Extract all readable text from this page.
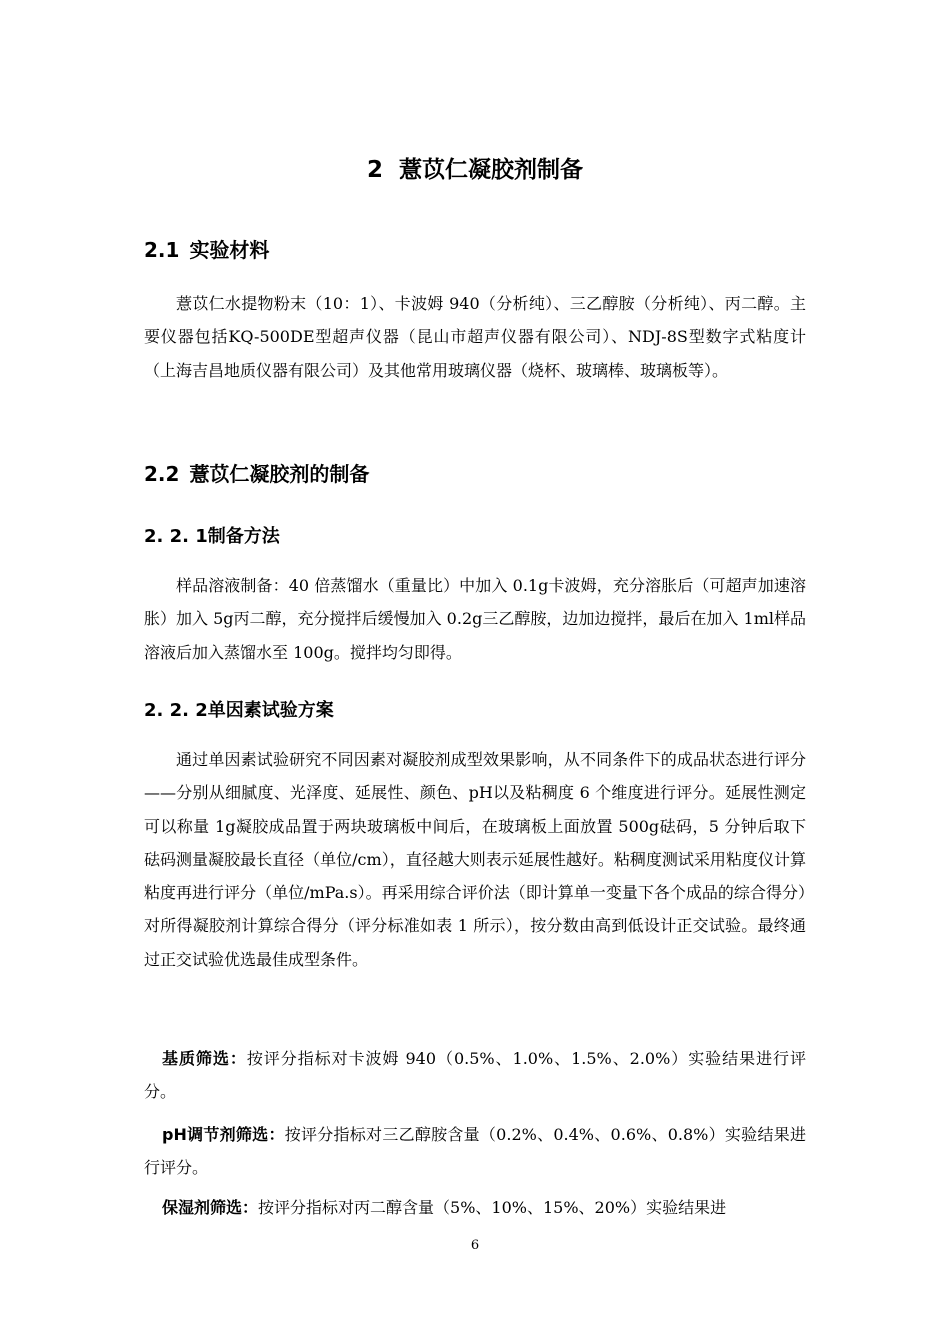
2 薏苡仁凝胶剂制备
2.1 实验材料

薏苡仁水提物粉末（10：1）、卡波姆 940（分析纯）、三乙醇胺（分析纯）、丙二醇。主要仪器包括KQ-500DE型超声仪器（昆山市超声仪器有限公司）、NDJ-8S型数字式粘度计（上海吉昌地质仪器有限公司）及其他常用玻璃仪器（烧杯、玻璃棒、玻璃板等）。

2.2 薏苡仁凝胶剂的制备
2. 2. 1制备方法

样品溶液制备：40 倍蒸馏水（重量比）中加入 0.1g卡波姆，充分溶胀后（可超声加速溶胀）加入 5g丙二醇，充分搅拌后缓慢加入 0.2g三乙醇胺，边加边搅拌，最后在加入 1ml样品溶液后加入蒸馏水至 100g。搅拌均匀即得。

2. 2. 2单因素试验方案

通过单因素试验研究不同因素对凝胶剂成型效果影响，从不同条件下的成品状态进行评分——分别从细腻度、光泽度、延展性、颜色、pH以及粘稠度 6 个维度进行评分。延展性测定可以称量 1g凝胶成品置于两块玻璃板中间后，在玻璃板上面放置 500g砝码，5 分钟后取下砝码测量凝胶最长直径（单位/cm），直径越大则表示延展性越好。粘稠度测试采用粘度仪计算粘度再进行评分（单位/mPa.s）。再采用综合评价法（即计算单一变量下各个成品的综合得分）对所得凝胶剂计算综合得分（评分标准如表 1 所示），按分数由高到低设计正交试验。最终通过正交试验优选最佳成型条件。

基质筛选：按评分指标对卡波姆 940（0.5%、1.0%、1.5%、2.0%）实验结果进行评分。

pH调节剂筛选：按评分指标对三乙醇胺含量（0.2%、0.4%、0.6%、0.8%）实验结果进行评分。

保湿剂筛选：按评分指标对丙二醇含量（5%、10%、15%、20%）实验结果进

6
